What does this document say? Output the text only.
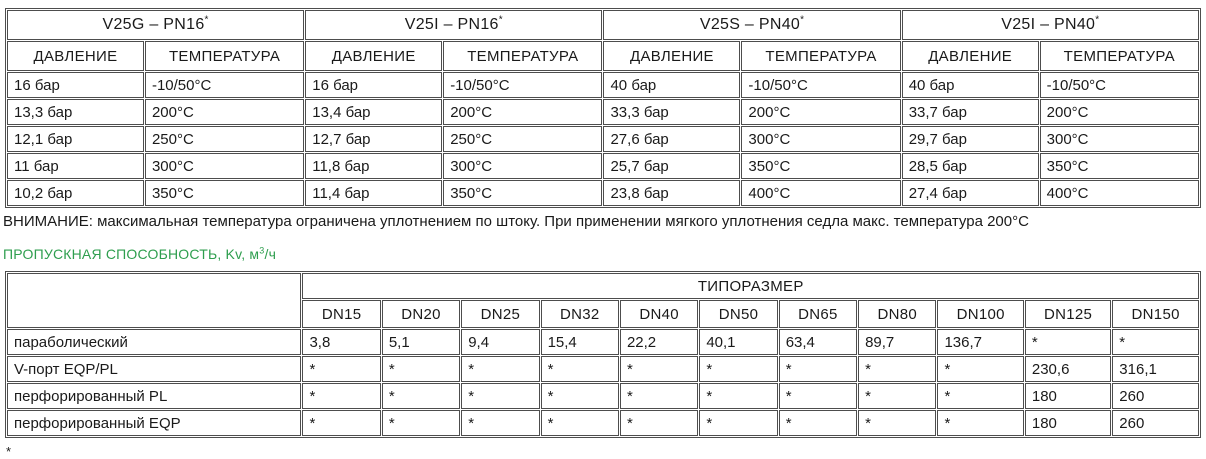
V25G – PN16*		V25I – PN16*		V25S – PN40*		V25I – PN40*
ДАВЛЕНИЕ	ТЕМПЕРАТУРА	ДАВЛЕНИЕ	ТЕМПЕРАТУРА	ДАВЛЕНИЕ	ТЕМПЕРАТУРА	ДАВЛЕНИЕ	ТЕМПЕРАТУРА
16 бар	-10/50°C	16 бар	-10/50°C	40 бар	-10/50°C	40 бар	-10/50°C
13,3 бар	200°C	13,4 бар	200°C	33,3 бар	200°C	33,7 бар	200°C
12,1 бар	250°C	12,7 бар	250°C	27,6 бар	300°C	29,7 бар	300°C
11 бар	300°C	11,8 бар	300°C	25,7 бар	350°C	28,5 бар	350°C
10,2 бар	350°C	11,4 бар	350°C	23,8 бар	400°C	27,4 бар	400°C
ВНИМАНИЕ: максимальная температура ограничена уплотнением по штоку. При применении мягкого уплотнения седла макс. температура 200°C
ПРОПУСКНАЯ СПОСОБНОСТЬ, Kv, $м^3/ч$
	ТИПОРАЗМЕР										
	DN15	DN20	DN25	DN32	DN40	DN50	DN65	DN80	DN100	DN125	DN150
параболический	3,8	5,1	9,4	15,4	22,2	40,1	63,4	89,7	136,7	*	*
V-порт EQP/PL	*	*	*	*	*	*	*	*	*	230,6	316,1
перфорированный PL	*	*	*	*	*	*	*	*	*	180	260
перфорированный EQP	*	*	*	*	*	*	*	*	*	180	260
*
